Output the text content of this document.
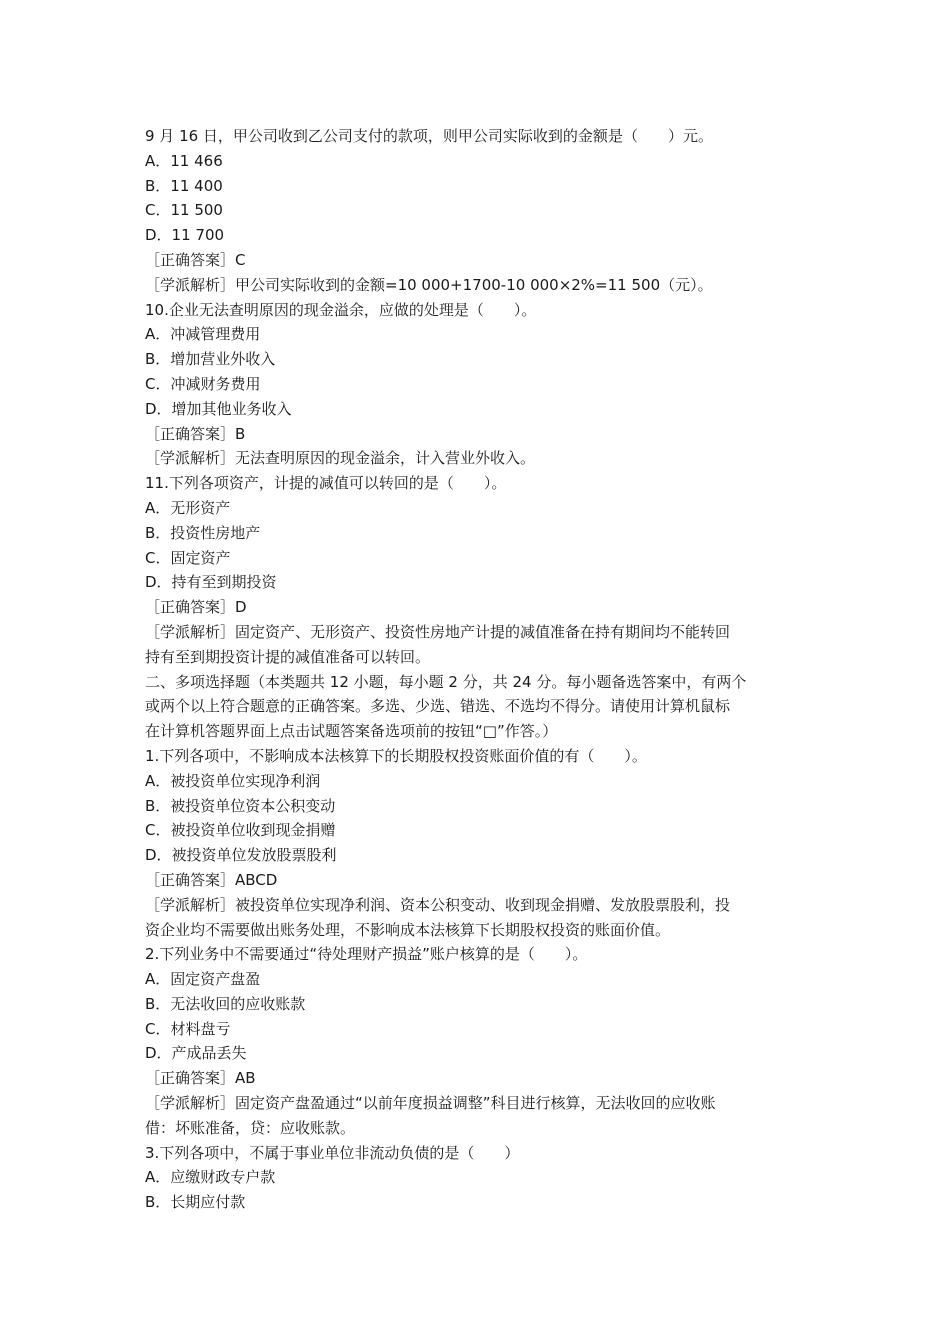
9 月 16 日，甲公司收到乙公司支付的款项，则甲公司实际收到的金额是（　　）元。
A．11 466
B．11 400
C．11 500
D．11 700
［正确答案］C
［学派解析］甲公司实际收到的金额=10 000+1700-10 000×2%=11 500（元）。
10.企业无法查明原因的现金溢余，应做的处理是（　　）。
A．冲减管理费用
B．增加营业外收入
C．冲减财务费用
D．增加其他业务收入
［正确答案］B
［学派解析］无法查明原因的现金溢余，计入营业外收入。
11.下列各项资产，计提的减值可以转回的是（　　）。
A．无形资产
B．投资性房地产
C．固定资产
D．持有至到期投资
［正确答案］D
［学派解析］固定资产、无形资产、投资性房地产计提的减值准备在持有期间均不能转回
持有至到期投资计提的减值准备可以转回。
二、多项选择题（本类题共 12 小题，每小题 2 分，共 24 分。每小题备选答案中，有两个
或两个以上符合题意的正确答案。多选、少选、错选、不选均不得分。请使用计算机鼠标
在计算机答题界面上点击试题答案备选项前的按钮“□”作答。）
1.下列各项中，不影响成本法核算下的长期股权投资账面价值的有（　　）。
A．被投资单位实现净利润
B．被投资单位资本公积变动
C．被投资单位收到现金捐赠
D．被投资单位发放股票股利
［正确答案］ABCD
［学派解析］被投资单位实现净利润、资本公积变动、收到现金捐赠、发放股票股利，投
资企业均不需要做出账务处理，不影响成本法核算下长期股权投资的账面价值。
2.下列业务中不需要通过“待处理财产损益”账户核算的是（　　）。
A．固定资产盘盈
B．无法收回的应收账款
C．材料盘亏
D．产成品丢失
［正确答案］AB
［学派解析］固定资产盘盈通过“以前年度损益调整”科目进行核算，无法收回的应收账
借：坏账准备，贷：应收账款。
3.下列各项中，不属于事业单位非流动负债的是（　　）
A．应缴财政专户款
B．长期应付款
